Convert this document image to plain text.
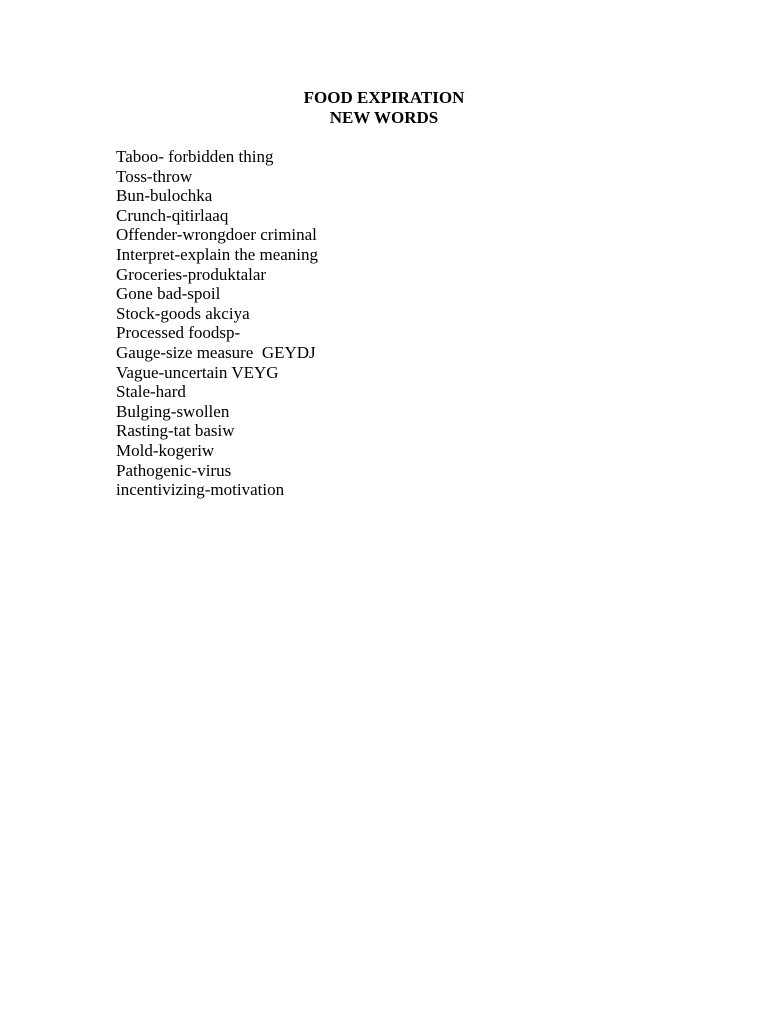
FOOD EXPIRATION
NEW WORDS
Taboo- forbidden thing
Toss-throw
Bun-bulochka
Crunch-qitirlaaq
Offender-wrongdoer criminal
Interpret-explain the meaning
Groceries-produktalar
Gone bad-spoil
Stock-goods akciya
Processed foodsp-
Gauge-size measure  GEYDJ
Vague-uncertain VEYG
Stale-hard
Bulging-swollen
Rasting-tat basiw
Mold-kogeriw
Pathogenic-virus
incentivizing-motivation
